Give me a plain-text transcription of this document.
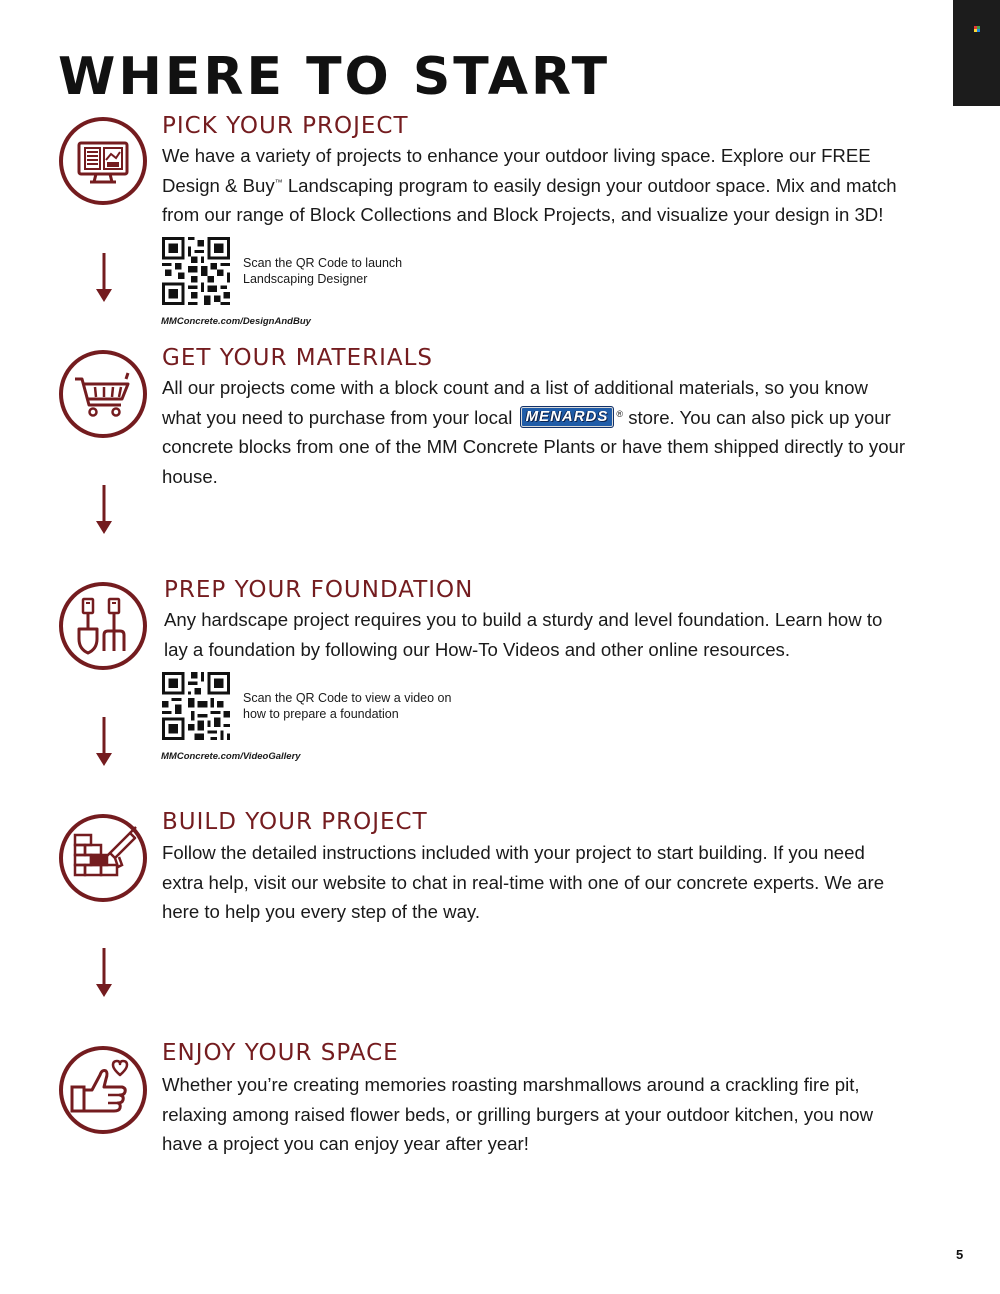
WHERE TO START
PICK YOUR PROJECT

We have a variety of projects to enhance your outdoor living space. Explore our FREE
Design & Buy™ Landscaping program to easily design your outdoor space. Mix and match
from our range of Block Collections and Block Projects, and visualize your design in 3D!

Scan the QR Code to launch Landscaping Designer

MMConcrete.com/DesignAndBuy

GET YOUR MATERIALS

All our projects come with a block count and a list of additional materials, so you know what you need to purchase from your local MENARDS ® store. You can also pick up your concrete blocks from one of the MM Concrete Plants or have them shipped directly to your house.

PREP YOUR FOUNDATION

Any hardscape project requires you to build a sturdy and level foundation. Learn how to lay a foundation by following our How-To Videos and other online resources.

Scan the QR Code to view a video on how to prepare a foundation

MMConcrete.com/VideoGallery

BUILD YOUR PROJECT

Follow the detailed instructions included with your project to start building. If you need extra help, visit our website to chat in real-time with one of our concrete experts. We are here to help you every step of the way.

ENJOY YOUR SPACE

Whether you’re creating memories roasting marshmallows around a crackling fire pit, relaxing among raised flower beds, or grilling burgers at your outdoor kitchen, you now have a project you can enjoy year after year!

5
